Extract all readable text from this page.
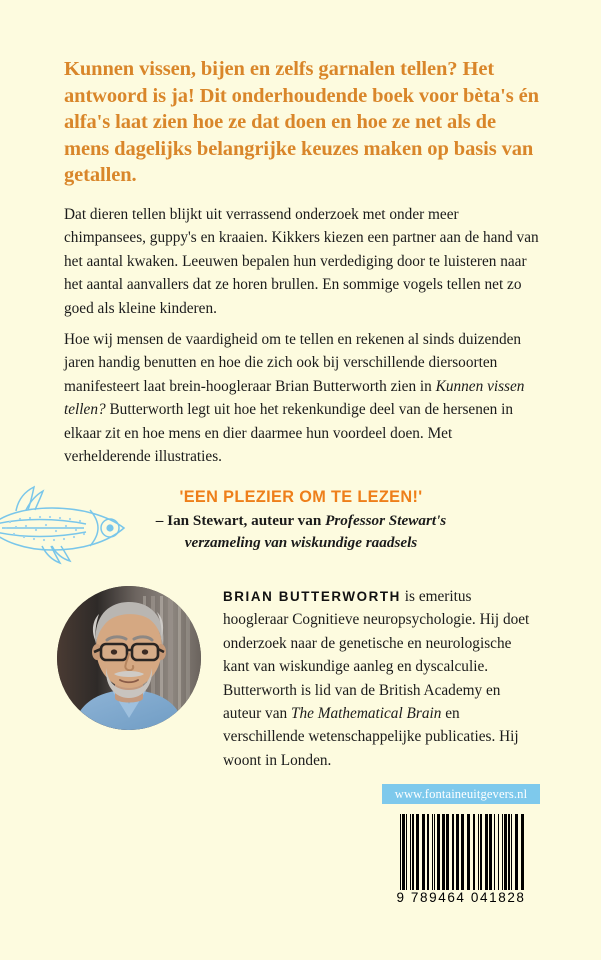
Kunnen vissen, bijen en zelfs garnalen tellen? Het antwoord is ja! Dit onderhoudende boek voor bèta's én alfa's laat zien hoe ze dat doen en hoe ze net als de mens dagelijks belangrijke keuzes maken op basis van getallen.
Dat dieren tellen blijkt uit verrassend onderzoek met onder meer chimpansees, guppy's en kraaien. Kikkers kiezen een partner aan de hand van het aantal kwaken. Leeuwen bepalen hun verdediging door te luisteren naar het aantal aanvallers dat ze horen brullen. En sommige vogels tellen net zo goed als kleine kinderen.
Hoe wij mensen de vaardigheid om te tellen en rekenen al sinds duizenden jaren handig benutten en hoe die zich ook bij verschillende diersoorten manifesteert laat brein-hoogleraar Brian Butterworth zien in Kunnen vissen tellen? Butterworth legt uit hoe het rekenkundige deel van de hersenen in elkaar zit en hoe mens en dier daarmee hun voordeel doen. Met verhelderende illustraties.
'EEN PLEZIER OM TE LEZEN!'
– Ian Stewart, auteur van Professor Stewart's
verzameling van wiskundige raadsels
BRIAN BUTTERWORTH is emeritus hoogleraar Cognitieve neuropsychologie. Hij doet onderzoek naar de genetische en neurologische kant van wiskundige aanleg en dyscalculie. Butterworth is lid van de British Academy en auteur van The Mathematical Brain en verschillende wetenschappelijke publicaties. Hij woont in Londen.
www.fontaineuitgevers.nl
9 789464 041828
